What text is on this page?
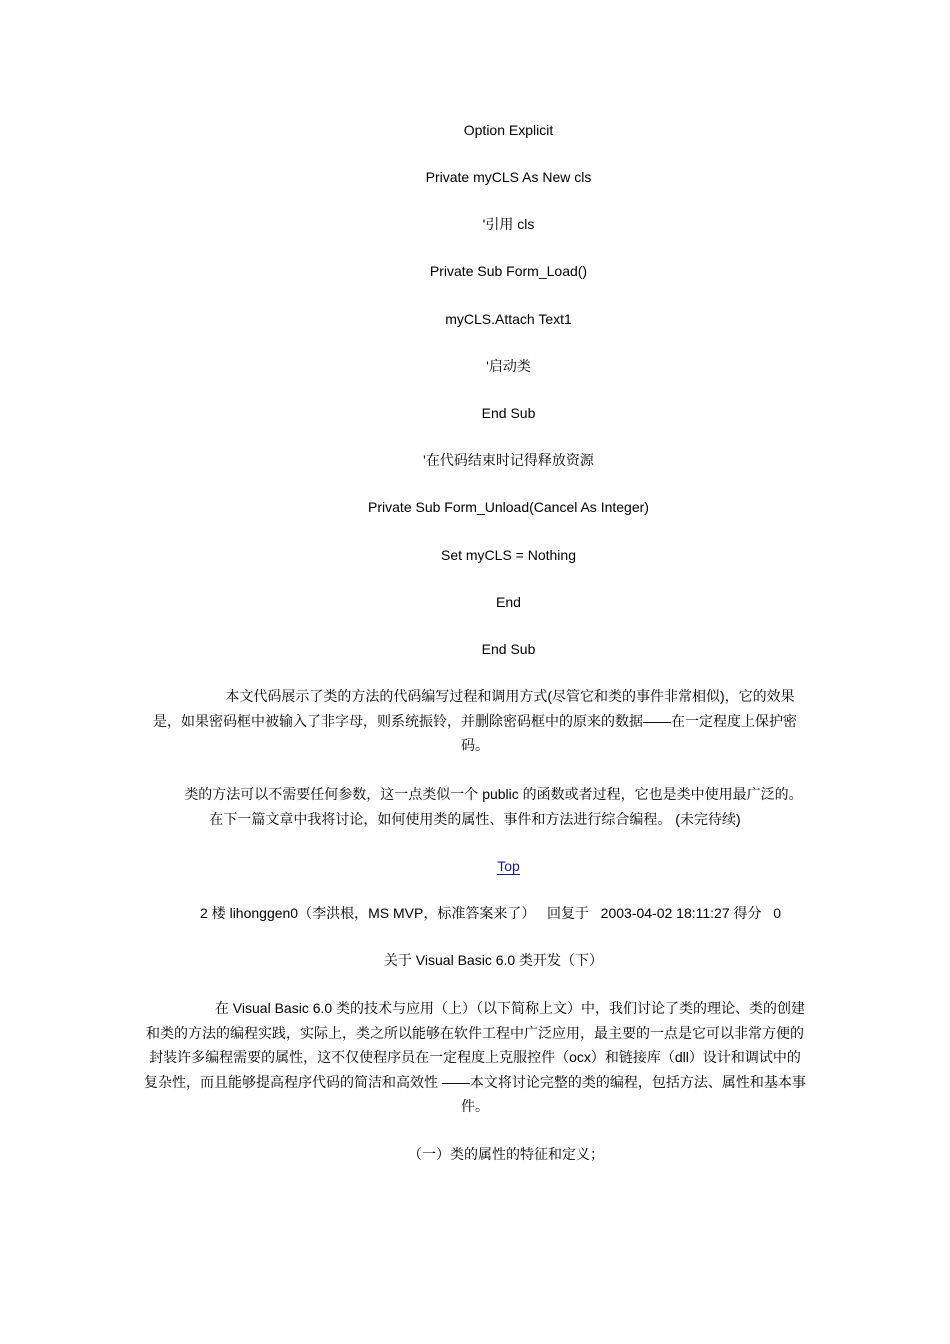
Option Explicit
Private myCLS As New cls
'引用 cls
Private Sub Form_Load()
myCLS.Attach Text1
'启动类
End Sub
'在代码结束时记得释放资源
Private Sub Form_Unload(Cancel As Integer)
Set myCLS = Nothing
End
End Sub
本文代码展示了类的方法的代码编写过程和调用方式(尽管它和类的事件非常相似)，它的效果是，如果密码框中被输入了非字母，则系统振铃，并删除密码框中的原来的数据——在一定程度上保护密码。
类的方法可以不需要任何参数，这一点类似一个 public 的函数或者过程，它也是类中使用最广泛的。
在下一篇文章中我将讨论，如何使用类的属性、事件和方法进行综合编程。 (未完待续)
Top
2 楼 lihonggen0（李洪根，MS MVP，标准答案来了） 回复于 2003-04-02 18:11:27 得分 0
关于 Visual Basic 6.0 类开发（下）
在 Visual Basic 6.0 类的技术与应用（上）（以下简称上文）中，我们讨论了类的理论、类的创建和类的方法的编程实践，实际上，类之所以能够在软件工程中广泛应用，最主要的一点是它可以非常方便的封装许多编程需要的属性，这不仅使程序员在一定程度上克服控件（ocx）和链接库（dll）设计和调试中的复杂性，而且能够提高程序代码的简洁和高效性 ——本文将讨论完整的类的编程，包括方法、属性和基本事件。
（一）类的属性的特征和定义；
